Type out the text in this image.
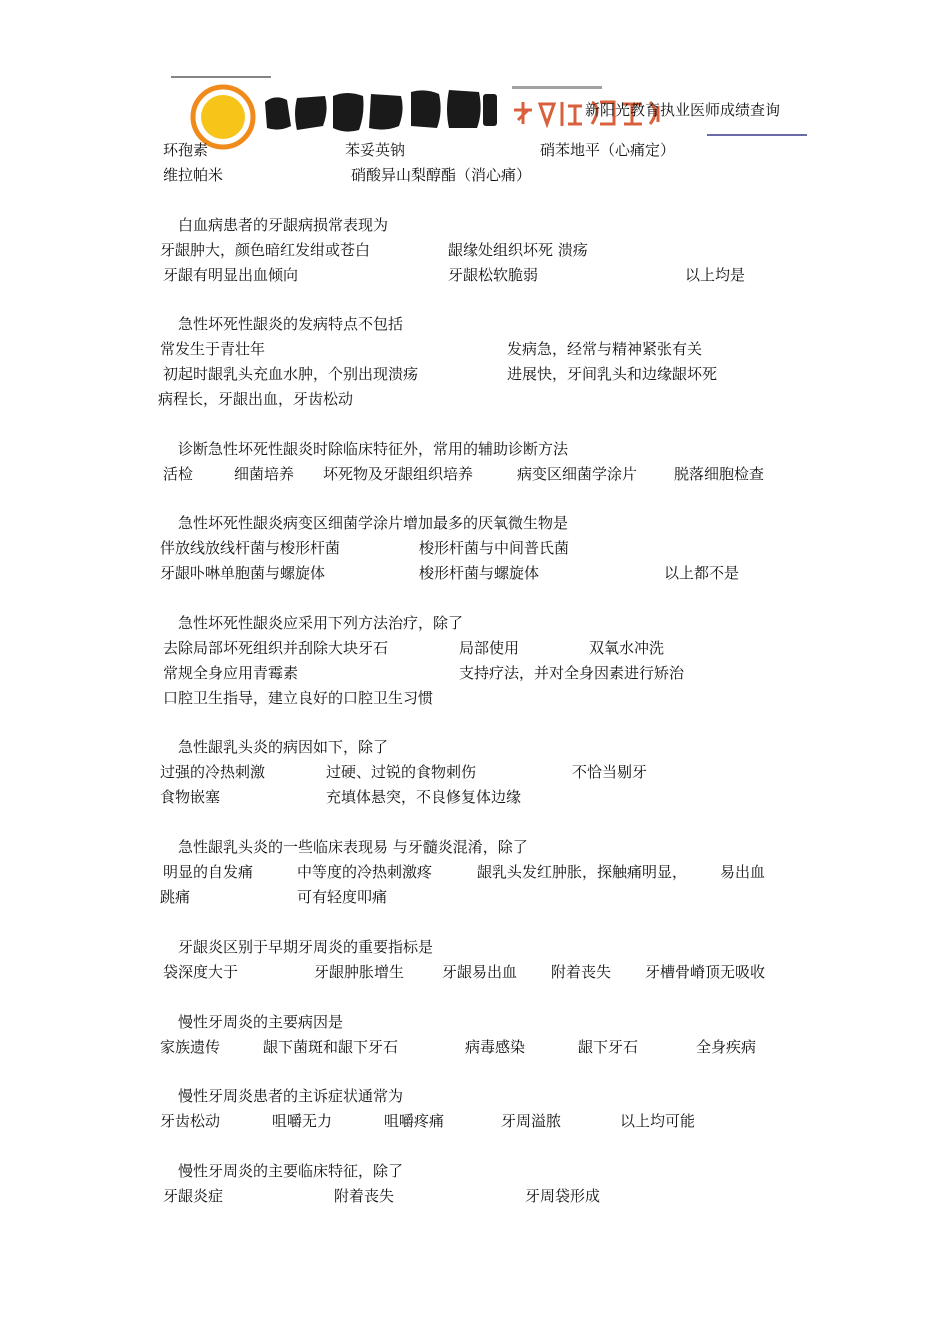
新阳光教育执业医师成绩查询
环孢素	苯妥英钠	硝苯地平（心痛定）
维拉帕米	硝酸异山梨醇酯（消心痛）
白血病患者的牙龈病损常表现为
牙龈肿大，颜色暗红发绀或苍白	龈缘处组织坏死 溃疡
牙龈有明显出血倾向	牙龈松软脆弱	以上均是
急性坏死性龈炎的发病特点不包括
常发生于青壮年	发病急，经常与精神紧张有关
初起时龈乳头充血水肿，个别出现溃疡	进展快，牙间乳头和边缘龈坏死
病程长，牙龈出血，牙齿松动
诊断急性坏死性龈炎时除临床特征外，常用的辅助诊断方法
活检	细菌培养 坏死物及牙龈组织培养	病变区细菌学涂片 脱落细胞检查
急性坏死性龈炎病变区细菌学涂片增加最多的厌氧微生物是
伴放线放线杆菌与梭形杆菌	梭形杆菌与中间普氏菌
牙龈卟啉单胞菌与螺旋体	梭形杆菌与螺旋体	以上都不是
急性坏死性龈炎应采用下列方法治疗，除了
去除局部坏死组织并刮除大块牙石	局部使用	双氧水冲洗
常规全身应用青霉素	支持疗法，并对全身因素进行矫治
口腔卫生指导，建立良好的口腔卫生习惯
急性龈乳头炎的病因如下，除了
过强的冷热刺激	过硬、过锐的食物刺伤	不恰当剔牙
食物嵌塞	充填体悬突，不良修复体边缘
急性龈乳头炎的一些临床表现易 与牙髓炎混淆，除了
明显的自发痛	中等度的冷热刺激疼	龈乳头发红肿胀，探触痛明显， 易出血
跳痛	可有轻度叩痛
牙龈炎区别于早期牙周炎的重要指标是
袋深度大于	牙龈肿胀增生	牙龈易出血 附着丧失 牙槽骨嵴顶无吸收
慢性牙周炎的主要病因是
家族遗传	龈下菌斑和龈下牙石	病毒感染	龈下牙石	全身疾病
慢性牙周炎患者的主诉症状通常为
牙齿松动	咀嚼无力	咀嚼疼痛	牙周溢脓	以上均可能
慢性牙周炎的主要临床特征，除了
牙龈炎症	附着丧失	牙周袋形成
